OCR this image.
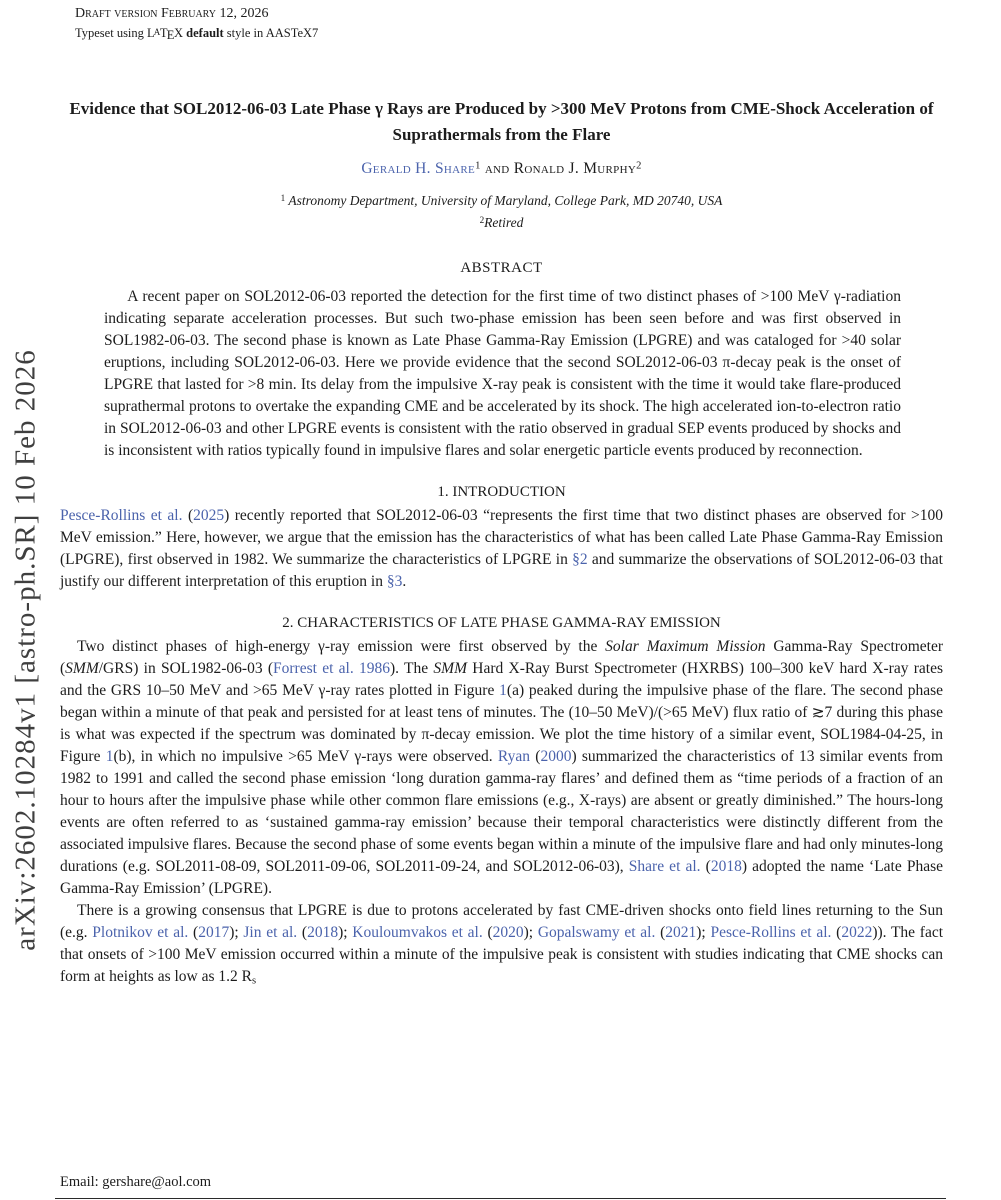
Draft version February 12, 2026
Typeset using LATEX default style in AASTeX7
arXiv:2602.10284v1 [astro-ph.SR] 10 Feb 2026
Evidence that SOL2012-06-03 Late Phase γ Rays are Produced by >300 MeV Protons from CME-Shock Acceleration of Suprathermals from the Flare
Gerald H. Share$^1$ and Ronald J. Murphy$^2$
$^1$ Astronomy Department, University of Maryland, College Park, MD 20740, USA
$^2$Retired
ABSTRACT

A recent paper on SOL2012-06-03 reported the detection for the first time of two distinct phases of >100 MeV γ-radiation indicating separate acceleration processes. But such two-phase emission has been seen before and was first observed in SOL1982-06-03. The second phase is known as Late Phase Gamma-Ray Emission (LPGRE) and was cataloged for >40 solar eruptions, including SOL2012-06-03. Here we provide evidence that the second SOL2012-06-03 π-decay peak is the onset of LPGRE that lasted for >8 min. Its delay from the impulsive X-ray peak is consistent with the time it would take flare-produced suprathermal protons to overtake the expanding CME and be accelerated by its shock. The high accelerated ion-to-electron ratio in SOL2012-06-03 and other LPGRE events is consistent with the ratio observed in gradual SEP events produced by shocks and is inconsistent with ratios typically found in impulsive flares and solar energetic particle events produced by reconnection.

1. INTRODUCTION

Pesce-Rollins et al. (2025) recently reported that SOL2012-06-03 “represents the first time that two distinct phases are observed for >100 MeV emission.” Here, however, we argue that the emission has the characteristics of what has been called Late Phase Gamma-Ray Emission (LPGRE), first observed in 1982. We summarize the characteristics of LPGRE in §2 and summarize the observations of SOL2012-06-03 that justify our different interpretation of this eruption in §3.

2. CHARACTERISTICS OF LATE PHASE GAMMA-RAY EMISSION

Two distinct phases of high-energy γ-ray emission were first observed by the Solar Maximum Mission Gamma-Ray Spectrometer (SMM/GRS) in SOL1982-06-03 (Forrest et al. 1986). The SMM Hard X-Ray Burst Spectrometer (HXRBS) 100–300 keV hard X-ray rates and the GRS 10–50 MeV and >65 MeV γ-ray rates plotted in Figure 1(a) peaked during the impulsive phase of the flare. The second phase began within a minute of that peak and persisted for at least tens of minutes. The (10–50 MeV)/(>65 MeV) flux ratio of ≳7 during this phase is what was expected if the spectrum was dominated by π-decay emission. We plot the time history of a similar event, SOL1984-04-25, in Figure 1(b), in which no impulsive >65 MeV γ-rays were observed. Ryan (2000) summarized the characteristics of 13 similar events from 1982 to 1991 and called the second phase emission ‘long duration gamma-ray flares’ and defined them as “time periods of a fraction of an hour to hours after the impulsive phase while other common flare emissions (e.g., X-rays) are absent or greatly diminished.” The hours-long events are often referred to as ‘sustained gamma-ray emission’ because their temporal characteristics were distinctly different from the associated impulsive flares. Because the second phase of some events began within a minute of the impulsive flare and had only minutes-long durations (e.g. SOL2011-08-09, SOL2011-09-06, SOL2011-09-24, and SOL2012-06-03), Share et al. (2018) adopted the name ‘Late Phase Gamma-Ray Emission’ (LPGRE).

There is a growing consensus that LPGRE is due to protons accelerated by fast CME-driven shocks onto field lines returning to the Sun (e.g. Plotnikov et al. (2017); Jin et al. (2018); Kouloumvakos et al. (2020); Gopalswamy et al. (2021); Pesce-Rollins et al. (2022)). The fact that onsets of >100 MeV emission occurred within a minute of the impulsive peak is consistent with studies indicating that CME shocks can form at heights as low as 1.2 $R_s$

Email: gershare@aol.com
